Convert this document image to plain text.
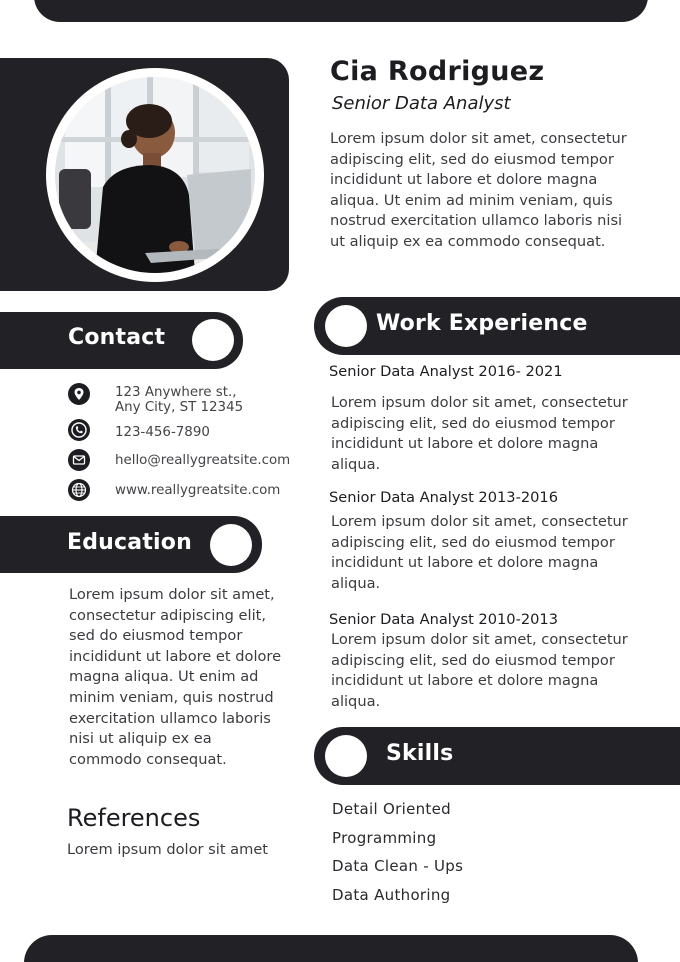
Cia Rodriguez
Senior Data Analyst
Lorem ipsum dolor sit amet, consectetur adipiscing elit, sed do eiusmod tempor incididunt ut labore et dolore magna aliqua. Ut enim ad minim veniam, quis nostrud exercitation ullamco laboris nisi ut aliquip ex ea commodo consequat.
Contact
123 Anywhere st.,
Any City, ST 12345
123-456-7890
hello@reallygreatsite.com
www.reallygreatsite.com
Education
Lorem ipsum dolor sit amet, consectetur adipiscing elit, sed do eiusmod tempor incididunt ut labore et dolore magna aliqua. Ut enim ad minim veniam, quis nostrud exercitation ullamco laboris nisi ut aliquip ex ea commodo consequat.
References
Lorem ipsum dolor sit amet
Work Experience
Senior Data Analyst 2016- 2021
Lorem ipsum dolor sit amet, consectetur adipiscing elit, sed do eiusmod tempor incididunt ut labore et dolore magna aliqua.
Senior Data Analyst 2013-2016
Lorem ipsum dolor sit amet, consectetur adipiscing elit, sed do eiusmod tempor incididunt ut labore et dolore magna aliqua.
Senior Data Analyst 2010-2013
Lorem ipsum dolor sit amet, consectetur adipiscing elit, sed do eiusmod tempor incididunt ut labore et dolore magna aliqua.
Skills
Detail Oriented
Programming
Data Clean - Ups
Data Authoring
